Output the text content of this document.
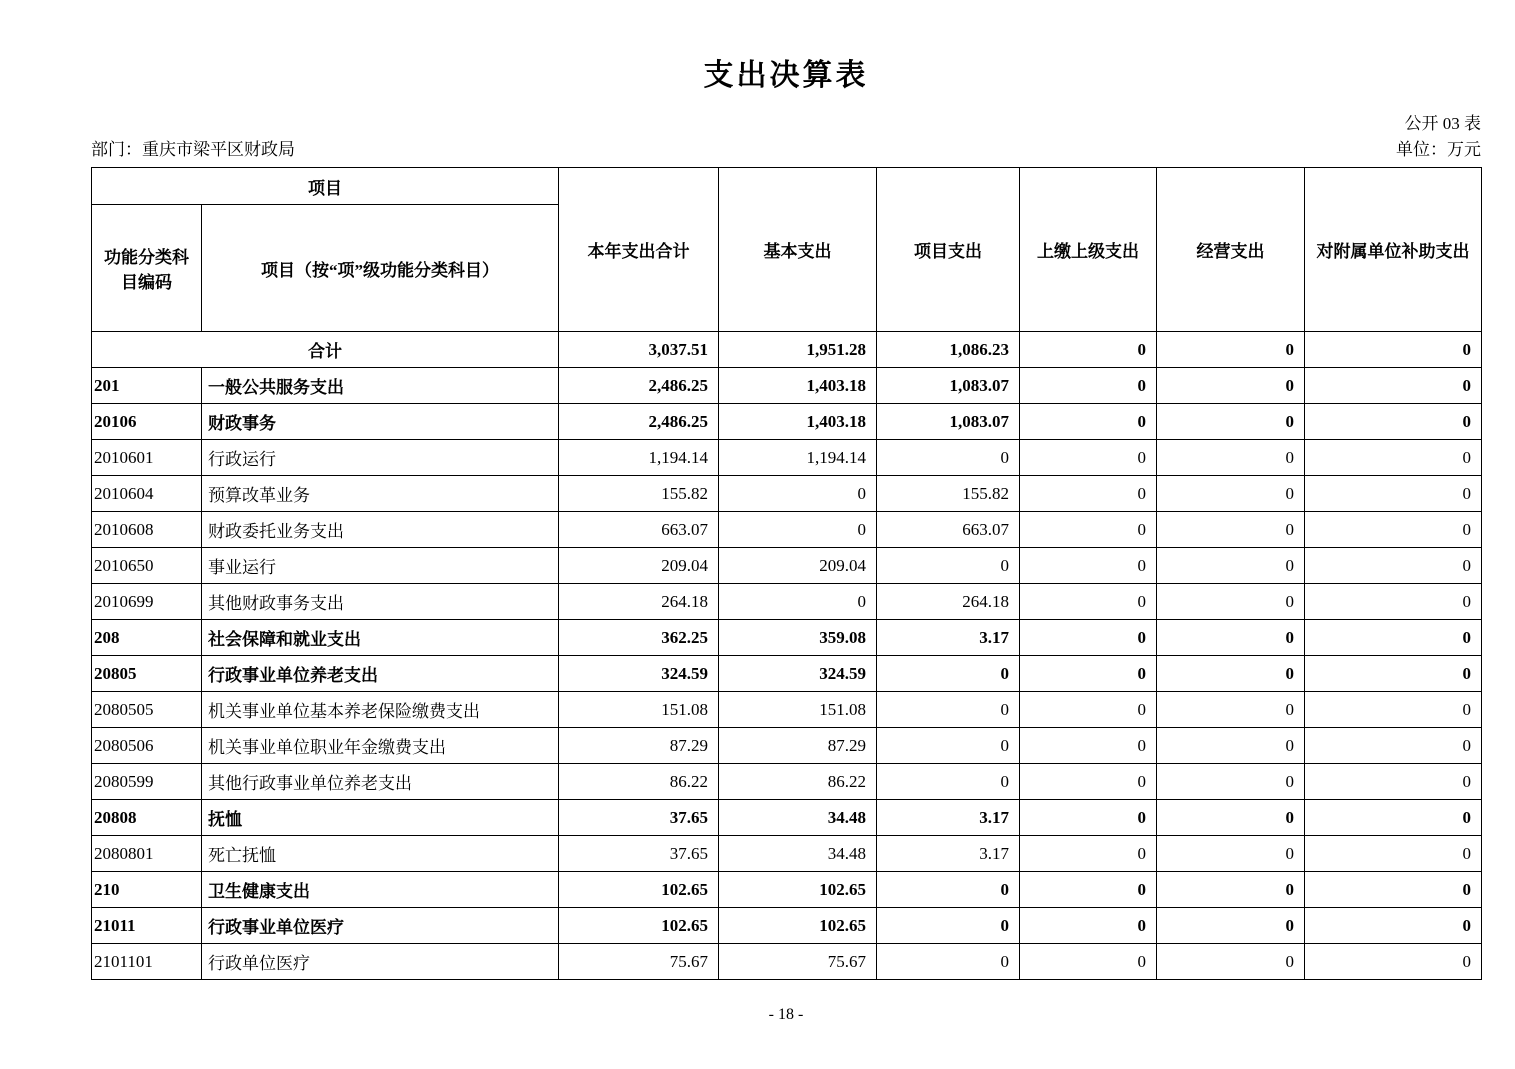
支出决算表
公开 03 表
部门：重庆市梁平区财政局	单位：万元
项目		本年支出合计	基本支出	项目支出	上缴上级支出	经营支出	对附属单位补助支出
功能分类科目编码	项目（按“项”级功能分类科目）						
合计		3,037.51	1,951.28	1,086.23	0	0	0
201	一般公共服务支出	2,486.25	1,403.18	1,083.07	0	0	0
20106	财政事务	2,486.25	1,403.18	1,083.07	0	0	0
2010601	行政运行	1,194.14	1,194.14	0	0	0	0
2010604	预算改革业务	155.82	0	155.82	0	0	0
2010608	财政委托业务支出	663.07	0	663.07	0	0	0
2010650	事业运行	209.04	209.04	0	0	0	0
2010699	其他财政事务支出	264.18	0	264.18	0	0	0
208	社会保障和就业支出	362.25	359.08	3.17	0	0	0
20805	行政事业单位养老支出	324.59	324.59	0	0	0	0
2080505	机关事业单位基本养老保险缴费支出	151.08	151.08	0	0	0	0
2080506	机关事业单位职业年金缴费支出	87.29	87.29	0	0	0	0
2080599	其他行政事业单位养老支出	86.22	86.22	0	0	0	0
20808	抚恤	37.65	34.48	3.17	0	0	0
2080801	死亡抚恤	37.65	34.48	3.17	0	0	0
210	卫生健康支出	102.65	102.65	0	0	0	0
21011	行政事业单位医疗	102.65	102.65	0	0	0	0
2101101	行政单位医疗	75.67	75.67	0	0	0	0
- 18 -
